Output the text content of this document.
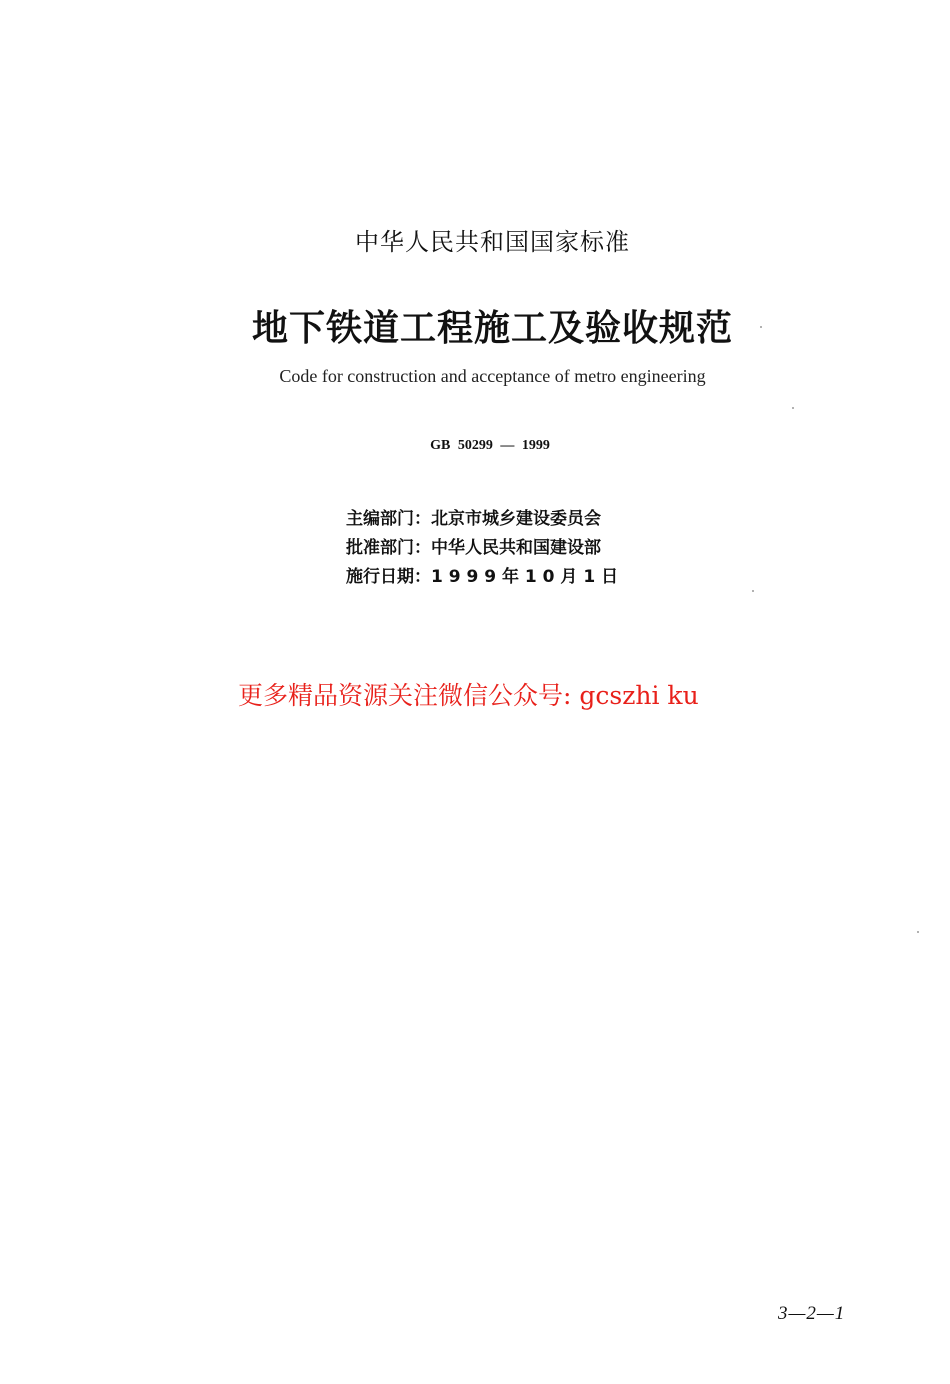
中华人民共和国国家标准
地下铁道工程施工及验收规范
Code for construction and acceptance of metro engineering
GB 50299 — 1999
主编部门：北京市城乡建设委员会
批准部门：中华人民共和国建设部
施行日期：1 9 9 9 年 1 0 月 1 日
更多精品资源关注微信公众号: gcszhi ku
3—2—1
